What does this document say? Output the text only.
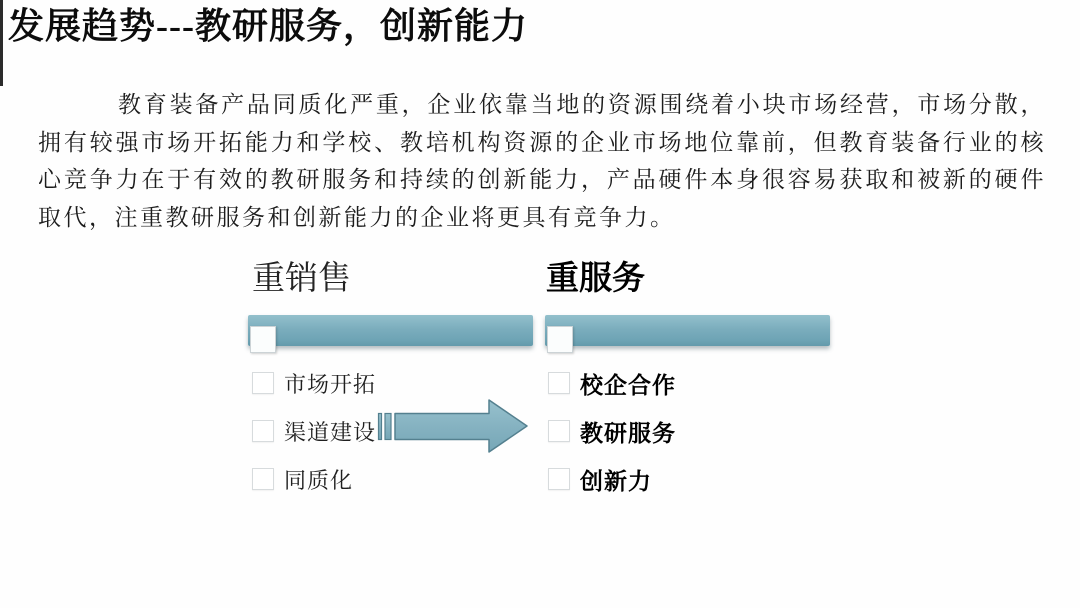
发展趋势---教研服务，创新能力
教育装备产品同质化严重，企业依靠当地的资源围绕着小块市场经营，市场分散，拥有较强市场开拓能力和学校、教培机构资源的企业市场地位靠前，但教育装备行业的核心竞争力在于有效的教研服务和持续的创新能力，产品硬件本身很容易获取和被新的硬件取代，注重教研服务和创新能力的企业将更具有竞争力。
重销售	重服务
市场开拓
渠道建设
同质化
校企合作
教研服务
创新力
